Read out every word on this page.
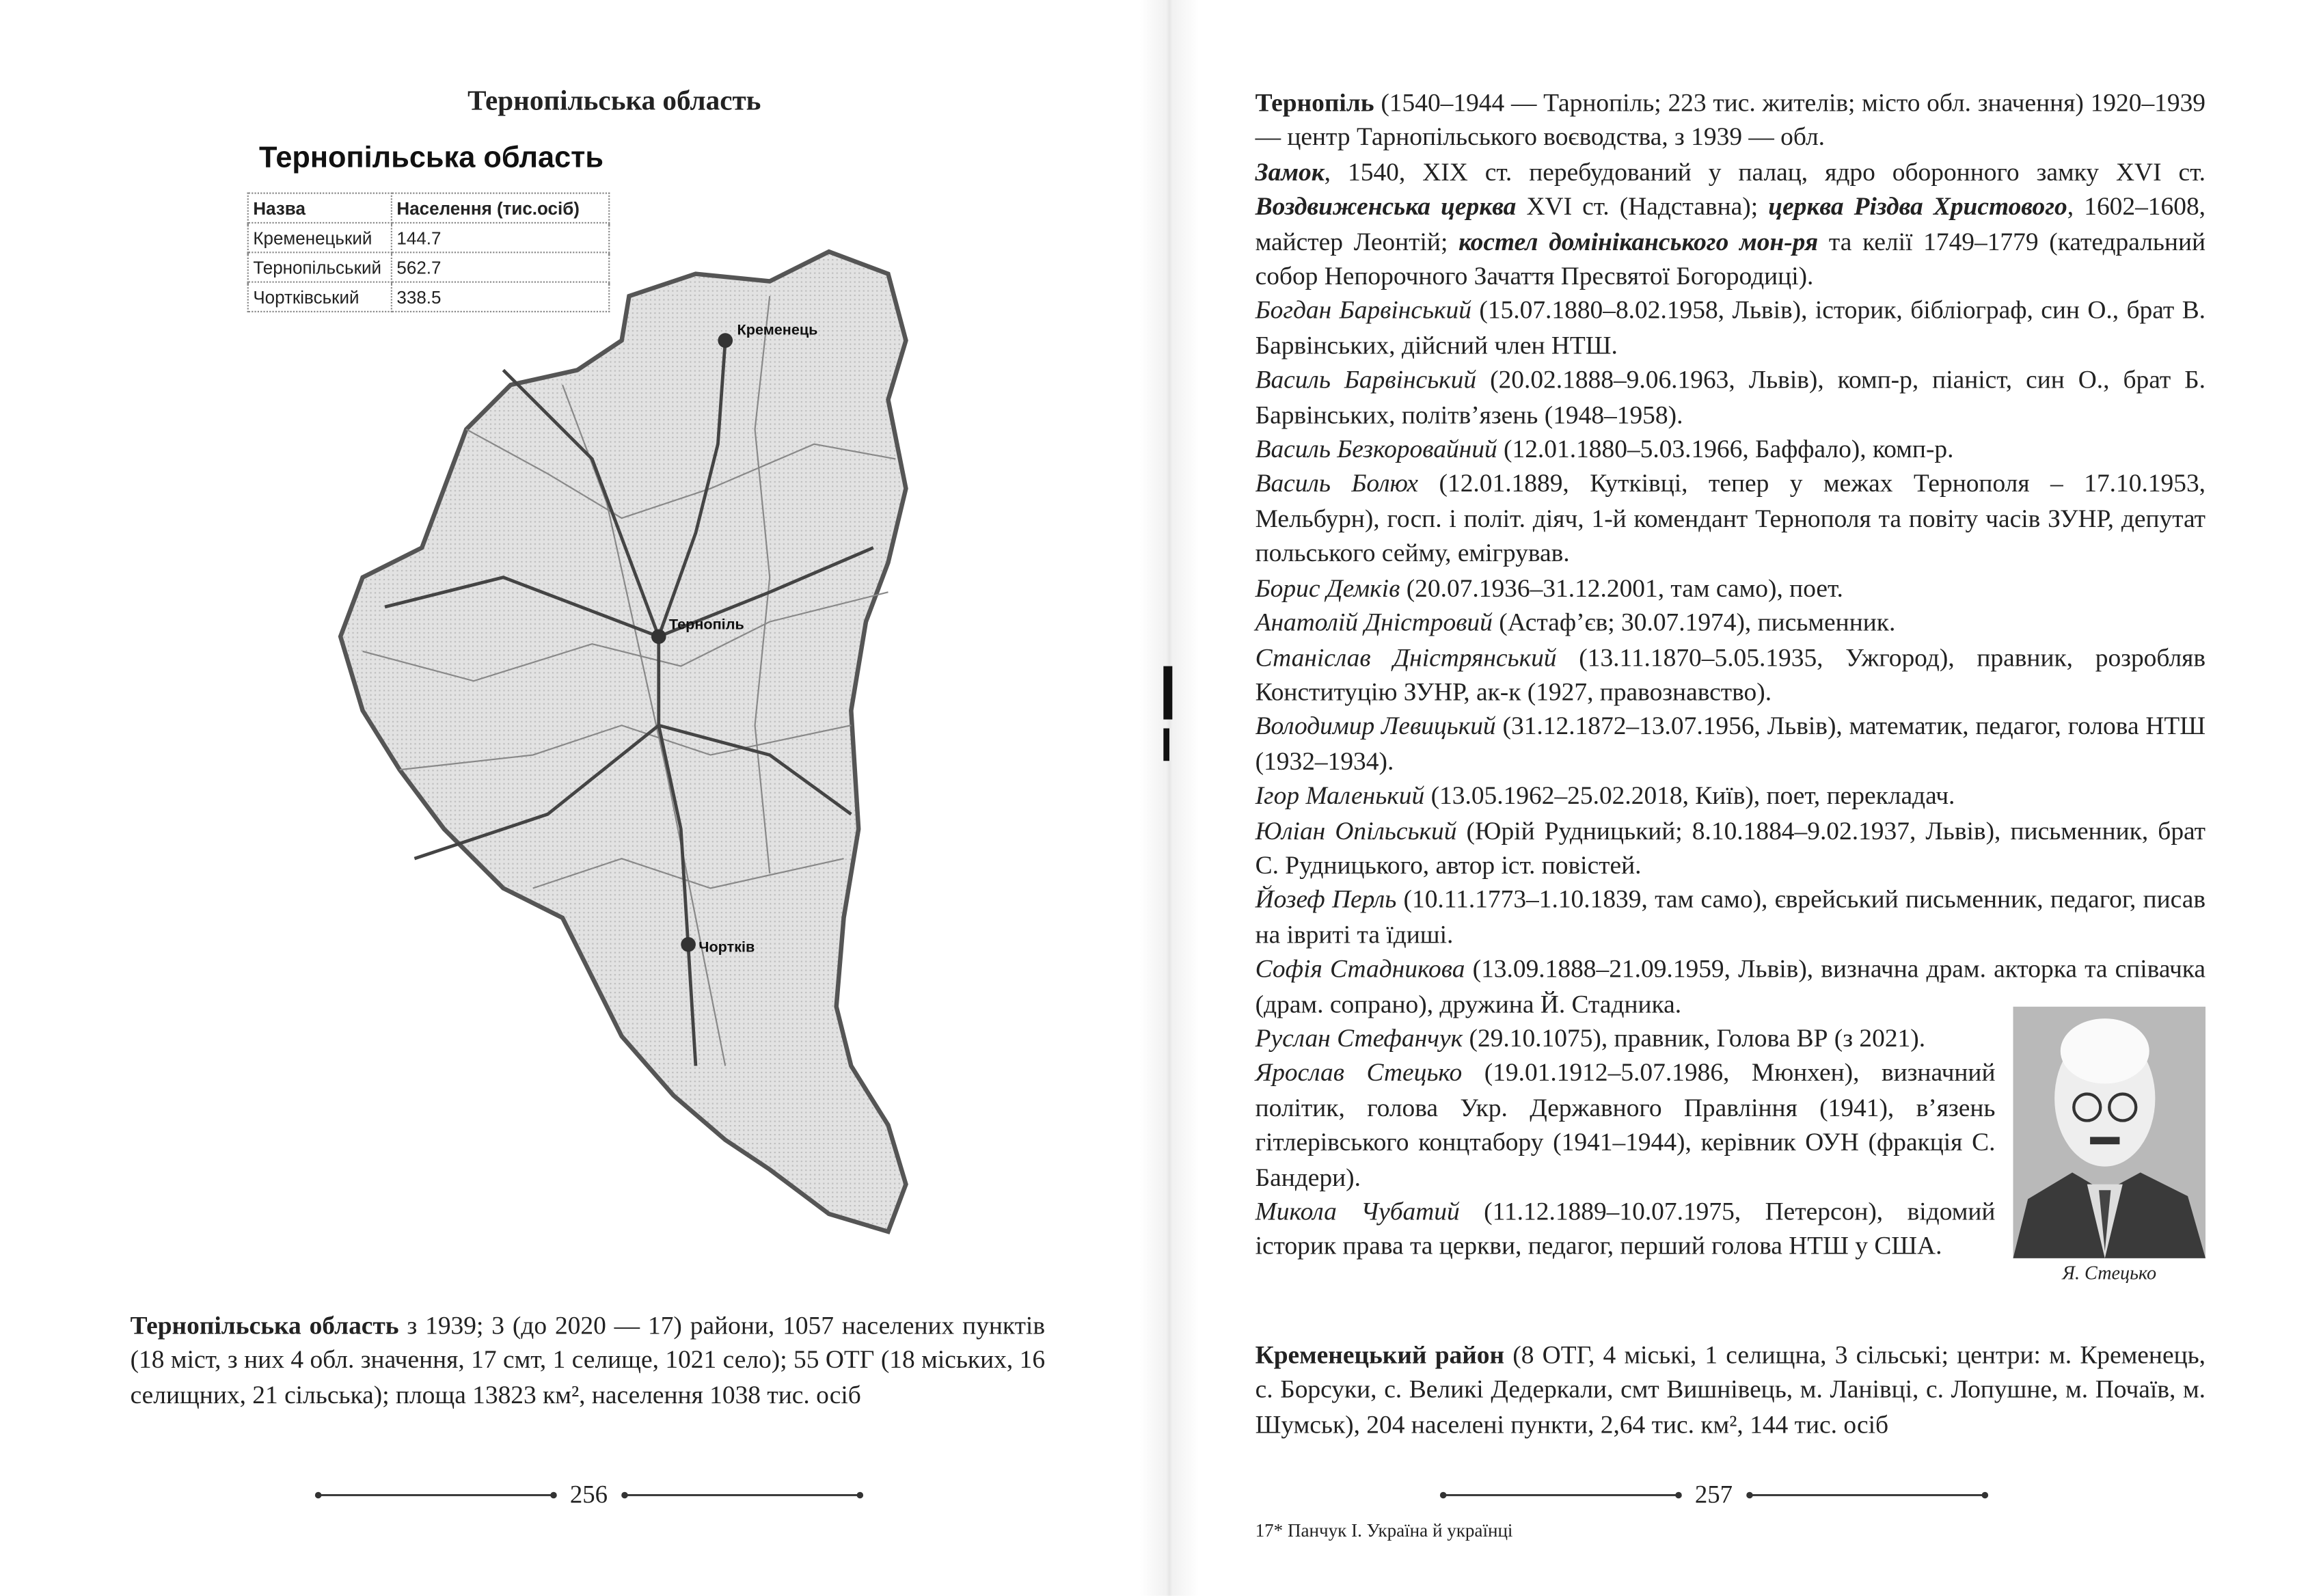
Тернопільська область
Тернопільська область
Кременець
Тернопіль
Чортків
Назва	Населення (тис.осіб)
Кременецький	144.7
Тернопільський	562.7
Чортківський	338.5
Тернопільська область з 1939; 3 (до 2020 — 17) райони, 1057 населених пунктів (18 міст, з них 4 обл. значення, 17 смт, 1 селище, 1021 село); 55 ОТГ (18 міських, 16 селищних, 21 сільська); площа 13823 км², населення 1038 тис. осіб
256

Тернопіль (1540–1944 — Тарнопіль; 223 тис. жителів; місто обл. значення) 1920–1939 — центр Тарнопільського воєводства, з 1939 — обл.

Замок, 1540, XIX ст. перебудований у палац, ядро оборонного замку XVI ст. Воздвиженська церква XVI ст. (Надставна); церква Різдва Христового, 1602–1608, майстер Леонтій; костел домініканського мон-ря та келії 1749–1779 (катедральний собор Непорочного Зачаття Пресвятої Богородиці).

Богдан Барвінський (15.07.1880–8.02.1958, Львів), історик, бібліограф, син О., брат В. Барвінських, дійсний член НТШ.

Василь Барвінський (20.02.1888–9.06.1963, Львів), комп-р, піаніст, син О., брат Б. Барвінських, політв’язень (1948–1958).

Василь Безкоровайний (12.01.1880–5.03.1966, Баффало), комп-р.

Василь Болюх (12.01.1889, Кутківці, тепер у межах Тернополя – 17.10.1953, Мельбурн), госп. і політ. діяч, 1-й комендант Тернополя та повіту часів ЗУНР, депутат польського сейму, емігрував.

Борис Демків (20.07.1936–31.12.2001, там само), поет.

Анатолій Дністровий (Астаф’єв; 30.07.1974), письменник.

Станіслав Дністрянський (13.11.1870–5.05.1935, Ужгород), правник, розробляв Конституцію ЗУНР, ак-к (1927, правознавство).

Володимир Левицький (31.12.1872–13.07.1956, Львів), математик, педагог, голова НТШ (1932–1934).

Ігор Маленький (13.05.1962–25.02.2018, Київ), поет, перекладач.

Юліан Опільський (Юрій Рудницький; 8.10.1884–9.02.1937, Львів), письменник, брат С. Рудницького, автор іст. повістей.

Йозеф Перль (10.11.1773–1.10.1839, там само), єврейський письменник, педагог, писав на івриті та їдиші.

Софія Стадникова (13.09.1888–21.09.1959, Львів), визначна драм. акторка та співачка (драм. сопрано), дружина Й. Стадника.

Руслан Стефанчук (29.10.1075), правник, Голова ВР (з 2021).

Ярослав Стецько (19.01.1912–5.07.1986, Мюнхен), визначний політик, голова Укр. Державного Правління (1941), в’язень гітлерівського концтабору (1941–1944), керівник ОУН (фракція С. Бандери).

Микола Чубатий (11.12.1889–10.07.1975, Петерсон), відомий історик права та церкви, педагог, перший голова НТШ у США.

Я. Стецько
Кременецький район (8 ОТГ, 4 міські, 1 селищна, 3 сільські; центри: м. Кременець, с. Борсуки, с. Великі Дедеркали, смт Вишнівець, м. Ланівці, с. Лопушне, м. Почаїв, м. Шумськ), 204 населені пункти, 2,64 тис. км², 144 тис. осіб
257
17* Панчук І. Україна й українці
